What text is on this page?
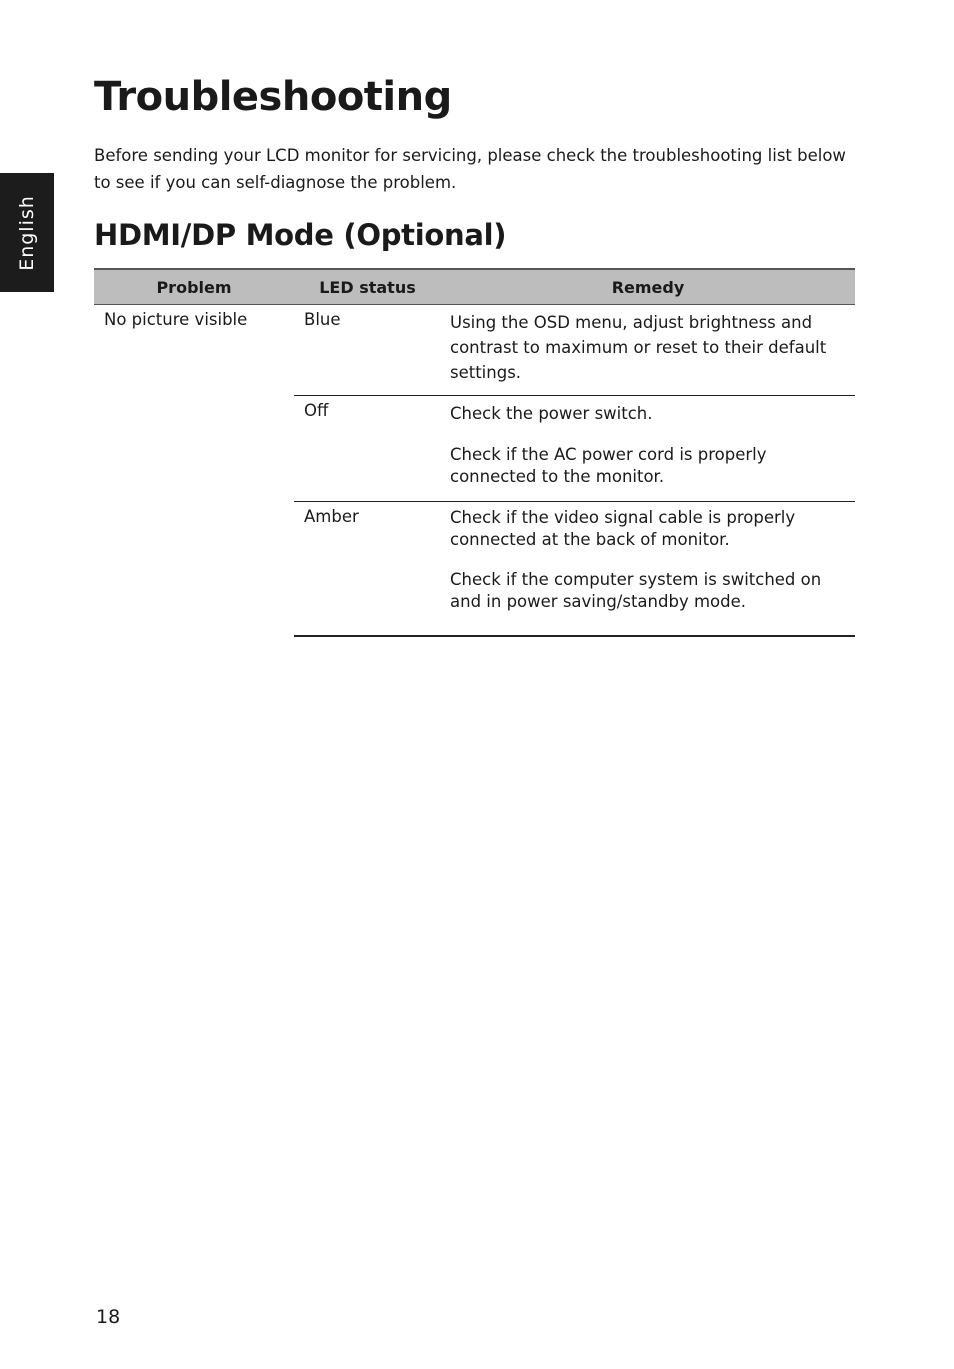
English
Troubleshooting

Before sending your LCD monitor for servicing, please check the troubleshooting list below to see if you can self-diagnose the problem.

HDMI/DP Mode (Optional)
Problem	LED status	Remedy
No picture visible	Blue	Using the OSD menu, adjust brightness and contrast to maximum or reset to their default settings.

	Off	Check the power switch.

Check if the AC power cord is properly connected to the monitor.

	Amber	Check if the video signal cable is properly connected at the back of monitor.

Check if the computer system is switched on and in power saving/standby mode.

18
